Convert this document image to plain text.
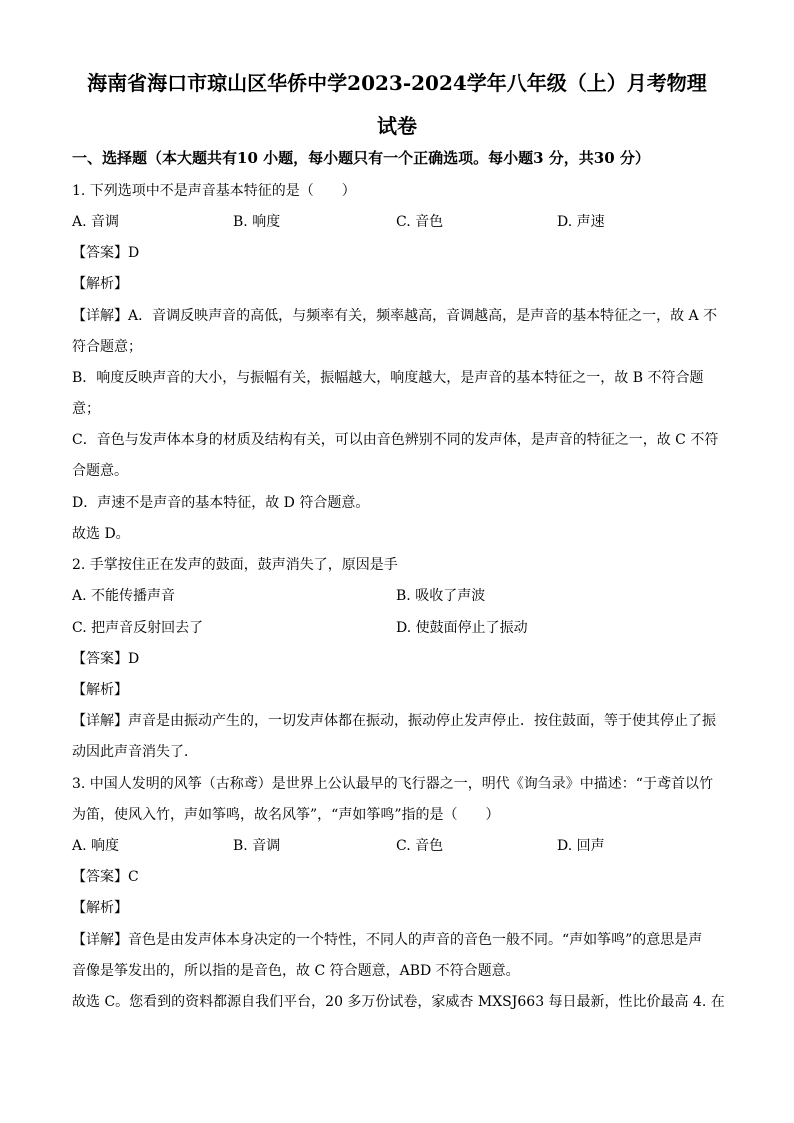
海南省海口市琼山区华侨中学2023-2024学年八年级（上）月考物理
试卷
一、选择题（本大题共有10 小题，每小题只有一个正确选项。每小题3 分，共30 分）
1. 下列选项中不是声音基本特征的是（　　）
A. 音调	B. 响度	C. 音色	D. 声速
【答案】D
【解析】
【详解】A．音调反映声音的高低，与频率有关，频率越高，音调越高，是声音的基本特征之一，故 A 不
符合题意；
B．响度反映声音的大小，与振幅有关，振幅越大，响度越大，是声音的基本特征之一，故 B 不符合题
意；
C．音色与发声体本身的材质及结构有关，可以由音色辨别不同的发声体，是声音的特征之一，故 C 不符
合题意。
D．声速不是声音的基本特征，故 D 符合题意。
故选 D。
2. 手掌按住正在发声的鼓面，鼓声消失了，原因是手
A. 不能传播声音	B. 吸收了声波
C. 把声音反射回去了	D. 使鼓面停止了振动
【答案】D
【解析】
【详解】声音是由振动产生的，一切发声体都在振动，振动停止发声停止．按住鼓面，等于使其停止了振
动因此声音消失了．
3. 中国人发明的风筝（古称鸢）是世界上公认最早的飞行器之一，明代《询刍录》中描述：“于鸢首以竹
为笛，使风入竹，声如筝鸣，故名风筝”，“声如筝鸣”指的是（　　）
A. 响度	B. 音调	C. 音色	D. 回声
【答案】C
【解析】
【详解】音色是由发声体本身决定的一个特性，不同人的声音的音色一般不同。“声如筝鸣”的意思是声
音像是筝发出的，所以指的是音色，故 C 符合题意，ABD 不符合题意。
故选 C。您看到的资料都源自我们平台，20 多万份试卷，家威杏 MXSJ663 每日最新，性比价最高 4. 在
